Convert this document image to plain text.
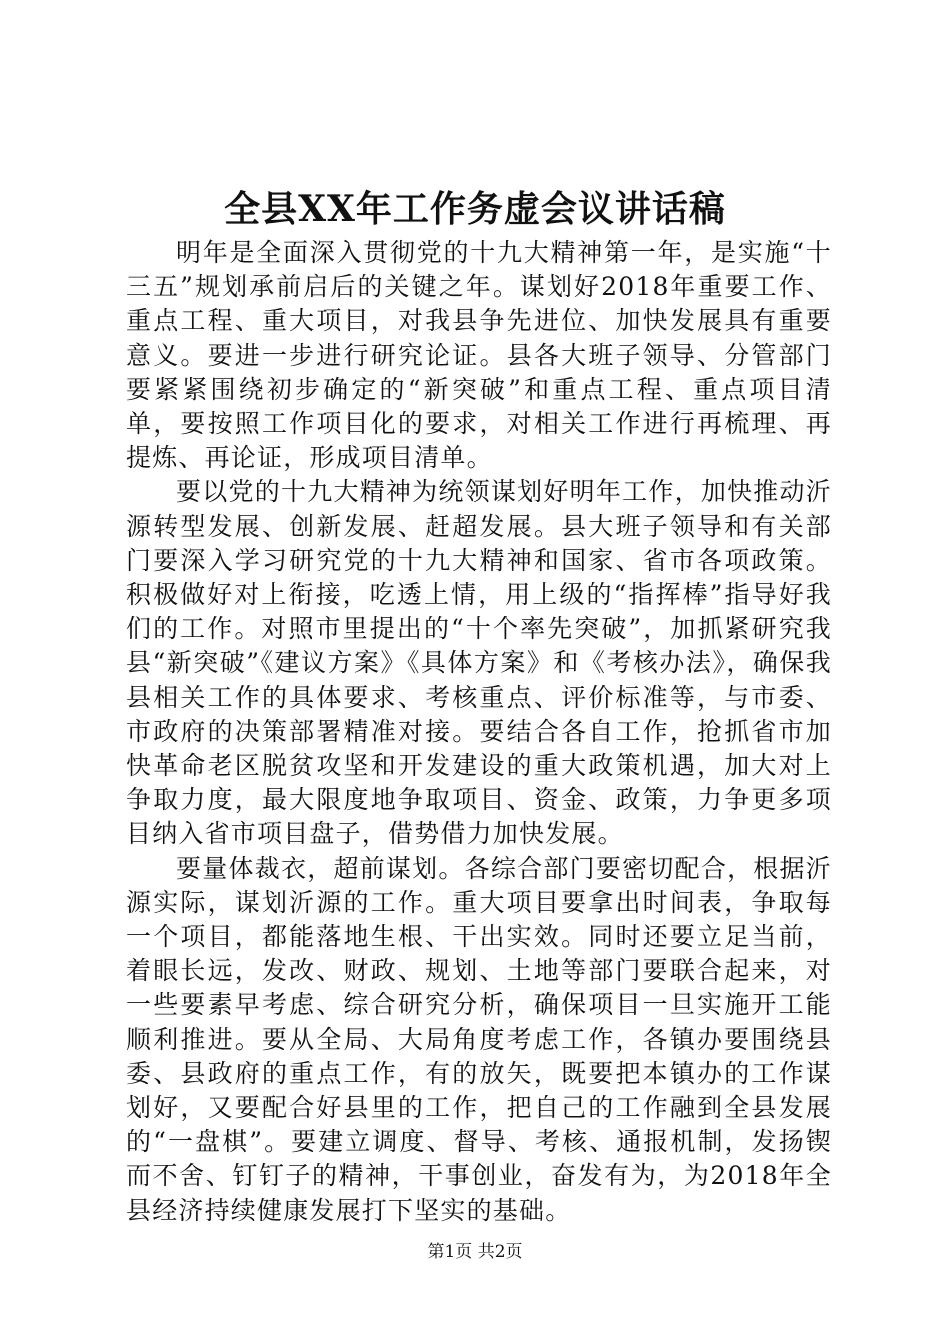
全县XX年工作务虚会议讲话稿

明年是全面深入贯彻党的十九大精神第一年，是实施“十三五”规划承前启后的关键之年。谋划好2018年重要工作、重点工程、重大项目，对我县争先进位、加快发展具有重要意义。要进一步进行研究论证。县各大班子领导、分管部门要紧紧围绕初步确定的“新突破”和重点工程、重点项目清单，要按照工作项目化的要求，对相关工作进行再梳理、再提炼、再论证，形成项目清单。

要以党的十九大精神为统领谋划好明年工作，加快推动沂源转型发展、创新发展、赶超发展。县大班子领导和有关部门要深入学习研究党的十九大精神和国家、省市各项政策。积极做好对上衔接，吃透上情，用上级的“指挥棒”指导好我们的工作。对照市里提出的“十个率先突破”，加抓紧研究我县“新突破”《建议方案》《具体方案》和《考核办法》，确保我县相关工作的具体要求、考核重点、评价标准等，与市委、市政府的决策部署精准对接。要结合各自工作，抢抓省市加快革命老区脱贫攻坚和开发建设的重大政策机遇，加大对上争取力度，最大限度地争取项目、资金、政策，力争更多项目纳入省市项目盘子，借势借力加快发展。

要量体裁衣，超前谋划。各综合部门要密切配合，根据沂源实际，谋划沂源的工作。重大项目要拿出时间表，争取每一个项目，都能落地生根、干出实效。同时还要立足当前，着眼长远，发改、财政、规划、土地等部门要联合起来，对一些要素早考虑、综合研究分析，确保项目一旦实施开工能顺利推进。要从全局、大局角度考虑工作，各镇办要围绕县委、县政府的重点工作，有的放矢，既要把本镇办的工作谋划好，又要配合好县里的工作，把自己的工作融到全县发展的“一盘棋”。要建立调度、督导、考核、通报机制，发扬锲而不舍、钉钉子的精神，干事创业，奋发有为，为2018年全县经济持续健康发展打下坚实的基础。

第1页 共2页
